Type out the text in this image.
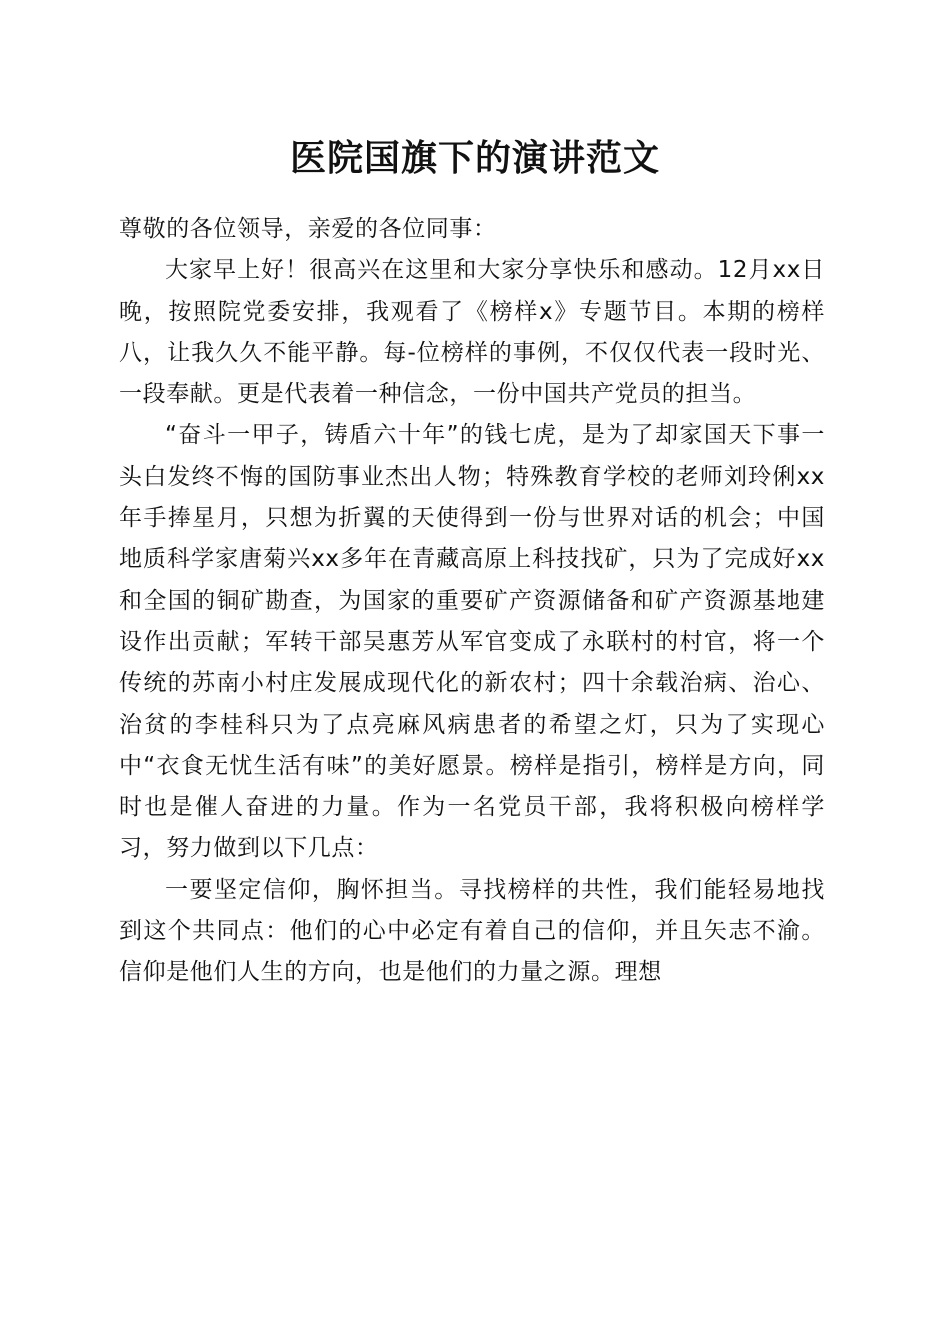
医院国旗下的演讲范文

尊敬的各位领导，亲爱的各位同事：

大家早上好！很高兴在这里和大家分享快乐和感动。12月xx日晚，按照院党委安排，我观看了《榜样x》专题节目。本期的榜样八，让我久久不能平静。每-位榜样的事例，不仅仅代表一段时光、一段奉献。更是代表着一种信念，一份中国共产党员的担当。

“奋斗一甲子，铸盾六十年”的钱七虎，是为了却家国天下事一头白发终不悔的国防事业杰出人物；特殊教育学校的老师刘玲俐xx年手捧星月，只想为折翼的天使得到一份与世界对话的机会；中国地质科学家唐菊兴xx多年在青藏高原上科技找矿，只为了完成好xx和全国的铜矿勘查，为国家的重要矿产资源储备和矿产资源基地建设作出贡献；军转干部吴惠芳从军官变成了永联村的村官，将一个传统的苏南小村庄发展成现代化的新农村；四十余载治病、治心、治贫的李桂科只为了点亮麻风病患者的希望之灯，只为了实现心中“衣食无忧生活有味”的美好愿景。榜样是指引，榜样是方向，同时也是催人奋进的力量。作为一名党员干部，我将积极向榜样学习，努力做到以下几点：

一要坚定信仰，胸怀担当。寻找榜样的共性，我们能轻易地找到这个共同点：他们的心中必定有着自己的信仰，并且矢志不渝。信仰是他们人生的方向，也是他们的力量之源。理想
